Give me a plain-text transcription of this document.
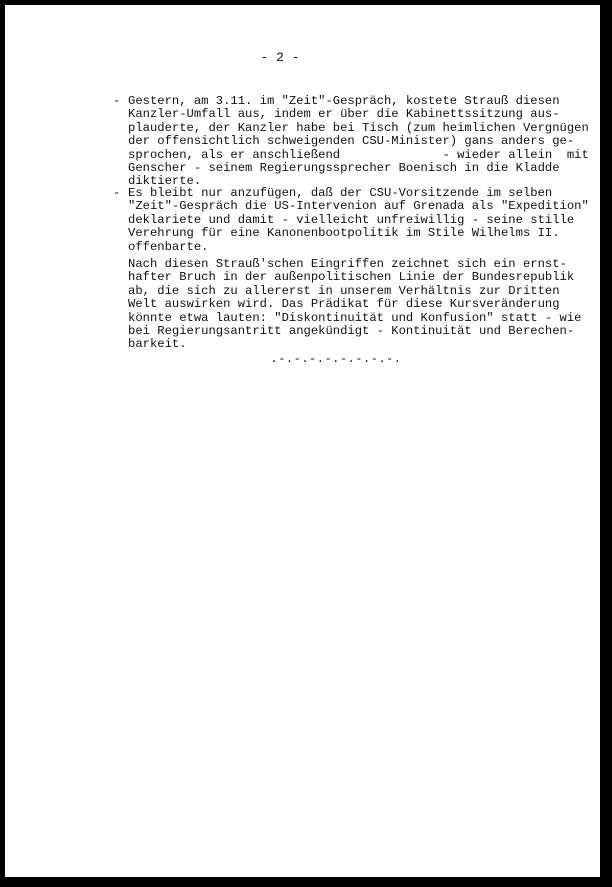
- 2 -
- Gestern, am 3.11. im "Zeit"-Gespräch, kostete Strauß diesen
Kanzler-Umfall aus, indem er über die Kabinettssitzung aus-
plauderte, der Kanzler habe bei Tisch (zum heimlichen Vergnügen
der offensichtlich schweigenden CSU-Minister) gans anders ge-
sprochen, als er anschließend              - wieder allein  mit
Genscher - seinem Regierungssprecher Boenisch in die Kladde
diktierte.
- Es bleibt nur anzufügen, daß der CSU-Vorsitzende im selben
"Zeit"-Gespräch die US-Intervenion auf Grenada als "Expedition"
deklariete und damit - vielleicht unfreiwillig - seine stille
Verehrung für eine Kanonenbootpolitik im Stile Wilhelms II.
offenbarte.
Nach diesen Strauß'schen Eingriffen zeichnet sich ein ernst-
hafter Bruch in der außenpolitischen Linie der Bundesrepublik
ab, die sich zu allererst in unserem Verhältnis zur Dritten
Welt auswirken wird. Das Prädikat für diese Kursveränderung
könnte etwa lauten: "Diskontinuität und Konfusion" statt - wie
bei Regierungsantritt angekündigt - Kontinuität und Berechen-
barkeit.
.-.-.-.-.-.-.-.-.
